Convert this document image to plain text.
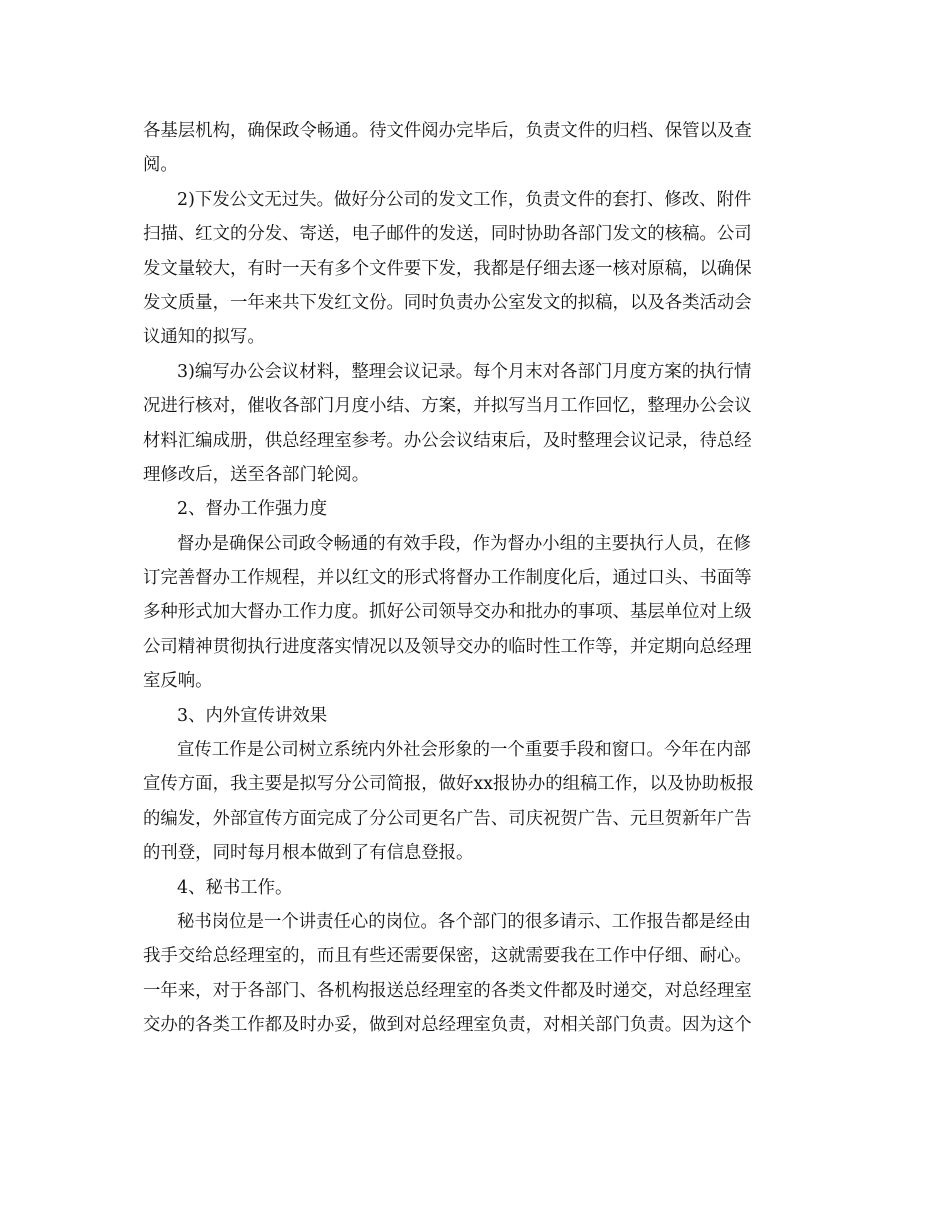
各基层机构，确保政令畅通。待文件阅办完毕后，负责文件的归档、保管以及查
阅。
2)下发公文无过失。做好分公司的发文工作，负责文件的套打、修改、附件
扫描、红文的分发、寄送，电子邮件的发送，同时协助各部门发文的核稿。公司
发文量较大，有时一天有多个文件要下发，我都是仔细去逐一核对原稿，以确保
发文质量，一年来共下发红文份。同时负责办公室发文的拟稿，以及各类活动会
议通知的拟写。
3)编写办公会议材料，整理会议记录。每个月末对各部门月度方案的执行情
况进行核对，催收各部门月度小结、方案，并拟写当月工作回忆，整理办公会议
材料汇编成册，供总经理室参考。办公会议结束后，及时整理会议记录，待总经
理修改后，送至各部门轮阅。
2、督办工作强力度
督办是确保公司政令畅通的有效手段，作为督办小组的主要执行人员，在修
订完善督办工作规程，并以红文的形式将督办工作制度化后，通过口头、书面等
多种形式加大督办工作力度。抓好公司领导交办和批办的事项、基层单位对上级
公司精神贯彻执行进度落实情况以及领导交办的临时性工作等，并定期向总经理
室反响。
3、内外宣传讲效果
宣传工作是公司树立系统内外社会形象的一个重要手段和窗口。今年在内部
宣传方面，我主要是拟写分公司简报，做好xx报协办的组稿工作，以及协助板报
的编发，外部宣传方面完成了分公司更名广告、司庆祝贺广告、元旦贺新年广告
的刊登，同时每月根本做到了有信息登报。
4、秘书工作。
秘书岗位是一个讲责任心的岗位。各个部门的很多请示、工作报告都是经由
我手交给总经理室的，而且有些还需要保密，这就需要我在工作中仔细、耐心。
一年来，对于各部门、各机构报送总经理室的各类文件都及时递交，对总经理室
交办的各类工作都及时办妥，做到对总经理室负责，对相关部门负责。因为这个
